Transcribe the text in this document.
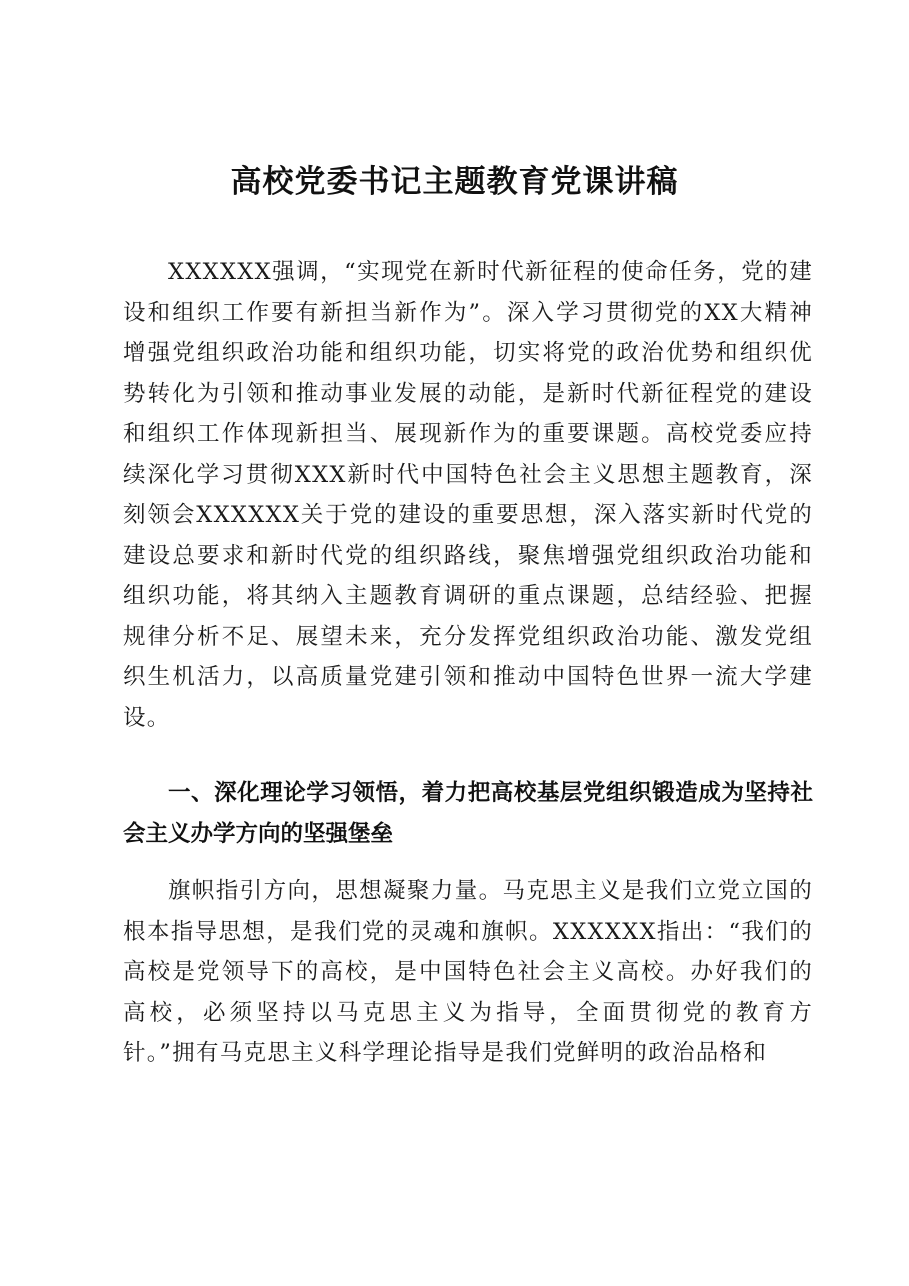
高校党委书记主题教育党课讲稿

XXXXXX强调，“实现党在新时代新征程的使命任务，党的建设和组织工作要有新担当新作为”。深入学习贯彻党的XX大精神增强党组织政治功能和组织功能，切实将党的政治优势和组织优势转化为引领和推动事业发展的动能，是新时代新征程党的建设和组织工作体现新担当、展现新作为的重要课题。高校党委应持续深化学习贯彻XXX新时代中国特色社会主义思想主题教育，深刻领会XXXXXX关于党的建设的重要思想，深入落实新时代党的建设总要求和新时代党的组织路线，聚焦增强党组织政治功能和组织功能，将其纳入主题教育调研的重点课题，总结经验、把握规律分析不足、展望未来，充分发挥党组织政治功能、激发党组织生机活力，以高质量党建引领和推动中国特色世界一流大学建设。

一、深化理论学习领悟，着力把高校基层党组织锻造成为坚持社会主义办学方向的坚强堡垒

旗帜指引方向，思想凝聚力量。马克思主义是我们立党立国的根本指导思想，是我们党的灵魂和旗帜。XXXXXX指出：“我们的高校是党领导下的高校，是中国特色社会主义高校。办好我们的高校，必须坚持以马克思主义为指导，全面贯彻党的教育方针。”拥有马克思主义科学理论指导是我们党鲜明的政治品格和
